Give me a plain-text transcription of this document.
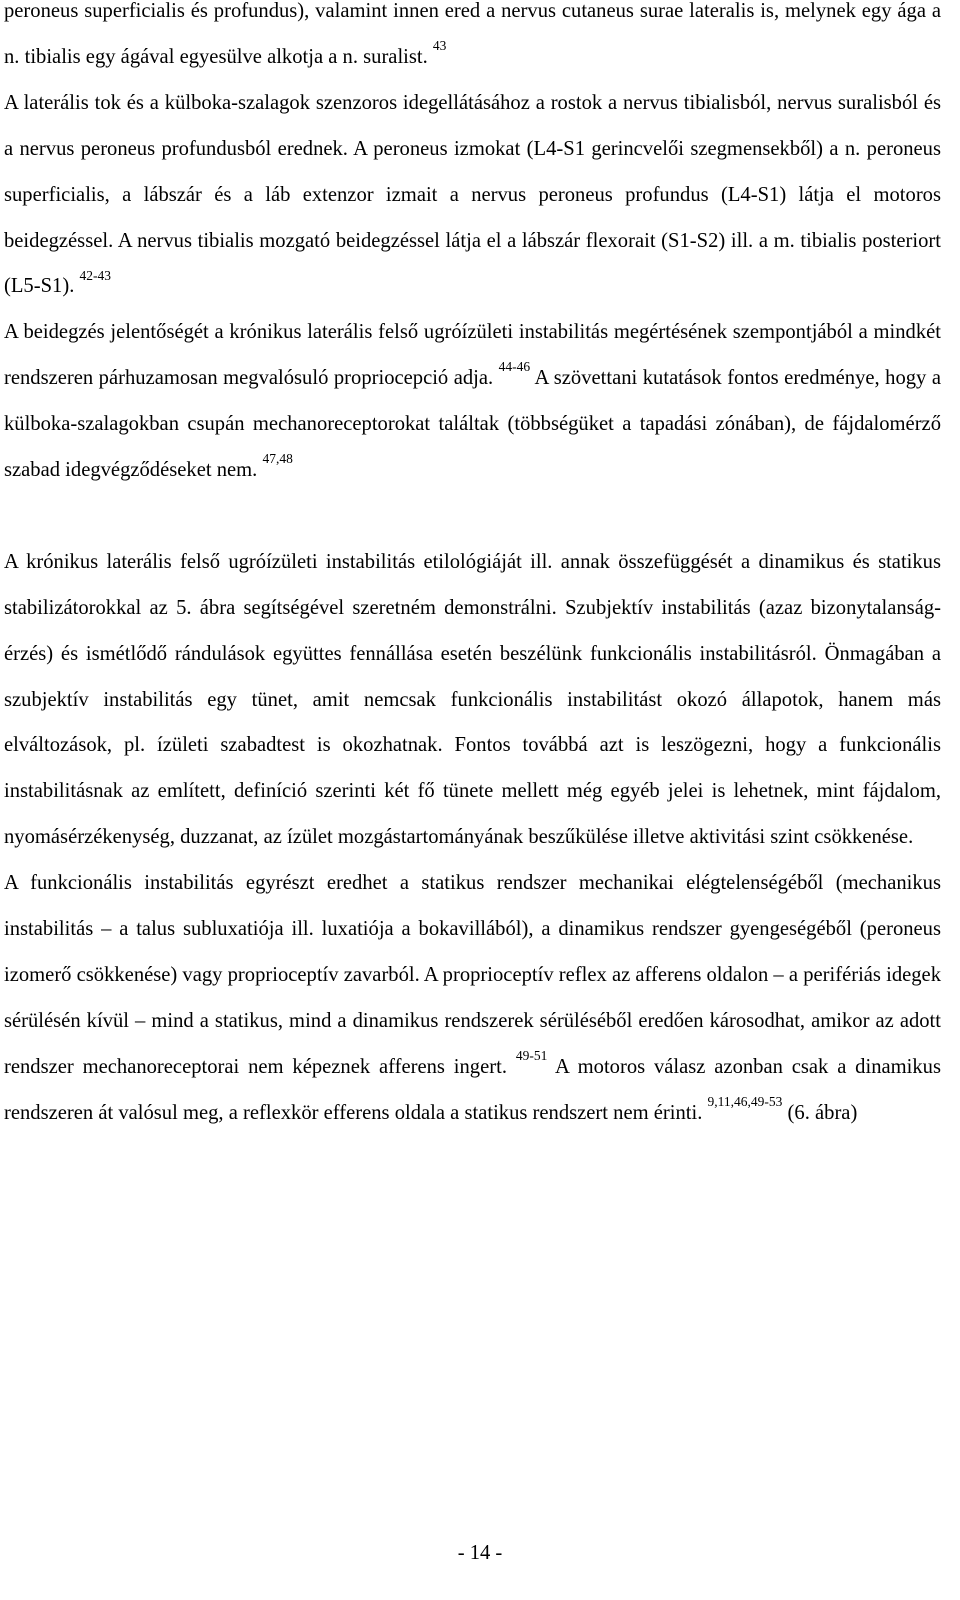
peroneus superficialis és profundus), valamint innen ered a nervus cutaneus surae lateralis is, melynek egy ága a n. tibialis egy ágával egyesülve alkotja a n. suralist. $^{43}$
A laterális tok és a külboka-szalagok szenzoros idegellátásához a rostok a nervus tibialisból, nervus suralisból és a nervus peroneus profundusból erednek. A peroneus izmokat (L4-S1 gerincvelői szegmensekből) a n. peroneus superficialis, a lábszár és a láb extenzor izmait a nervus peroneus profundus (L4-S1) látja el motoros beidegzéssel. A nervus tibialis mozgató beidegzéssel látja el a lábszár flexorait (S1-S2) ill. a m. tibialis posteriort (L5-S1). $^{42-43}$
A beidegzés jelentőségét a krónikus laterális felső ugróízületi instabilitás megértésének szempontjából a mindkét rendszeren párhuzamosan megvalósuló propriocepció adja. $^{44-46}$ A szövettani kutatások fontos eredménye, hogy a külboka-szalagokban csupán mechanoreceptorokat találtak (többségüket a tapadási zónában), de fájdalomérző szabad idegvégződéseket nem. $^{47,48}$
A krónikus laterális felső ugróízületi instabilitás etilológiáját ill. annak összefüggését a dinamikus és statikus stabilizátorokkal az 5. ábra segítségével szeretném demonstrálni. Szubjektív instabilitás (azaz bizonytalanság-érzés) és ismétlődő rándulások együttes fennállása esetén beszélünk funkcionális instabilitásról. Önmagában a szubjektív instabilitás egy tünet, amit nemcsak funkcionális instabilitást okozó állapotok, hanem más elváltozások, pl. ízületi szabadtest is okozhatnak. Fontos továbbá azt is leszögezni, hogy a funkcionális instabilitásnak az említett, definíció szerinti két fő tünete mellett még egyéb jelei is lehetnek, mint fájdalom, nyomásérzékenység, duzzanat, az ízület mozgástartományának beszűkülése illetve aktivitási szint csökkenése.
A funkcionális instabilitás egyrészt eredhet a statikus rendszer mechanikai elégtelenségéből (mechanikus instabilitás – a talus subluxatiója ill. luxatiója a bokavillából), a dinamikus rendszer gyengeségéből (peroneus izomerő csökkenése) vagy proprioceptív zavarból. A proprioceptív reflex az afferens oldalon – a perifériás idegek sérülésén kívül – mind a statikus, mind a dinamikus rendszerek sérüléséből eredően károsodhat, amikor az adott rendszer mechanoreceptorai nem képeznek afferens ingert. $^{49-51}$ A motoros válasz azonban csak a dinamikus rendszeren át valósul meg, a reflexkör efferens oldala a statikus rendszert nem érinti. $^{9,11,46,49-53}$ (6. ábra)
- 14 -
